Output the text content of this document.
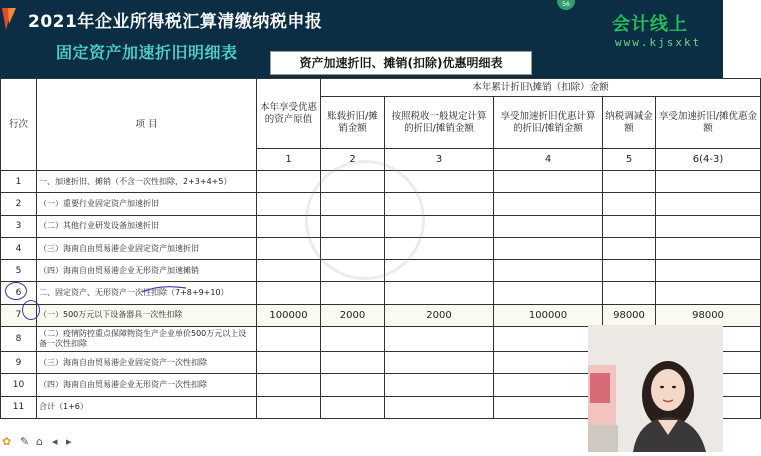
2021年企业所得税汇算清缴纳税申报
固定资产加速折旧明细表
56
会计线上
www.kjsxkt
资产加速折旧、摊销(扣除)优惠明细表
行次	项 目	本年享受优惠的资产原值	本年累计折旧\摊销（扣除）金额				
			账载折旧/摊销金额	按照税收一般规定计算的折旧/摊销金额	享受加速折旧优惠计算的折旧/摊销金额	纳税调减金额	享受加速折旧/摊优惠金额
		1	2	3	4	5	6(4-3)
1	一、加速折旧、摊销（不含一次性扣除，2+3+4+5）						
2	（一）重要行业固定资产加速折旧						
3	（二）其他行业研发设备加速折旧						
4	（三）海南自由贸易港企业固定资产加速折旧						
5	（四）海南自由贸易港企业无形资产加速摊销						
6	二、固定资产、无形资产一次性扣除（7+8+9+10）						
7	（一）500万元以下设备器具一次性扣除	100000	2000	2000	100000	98000	98000
8	（二）疫情防控重点保障物资生产企业单价500万元以上设备一次性扣除						
9	（三）海南自由贸易港企业固定资产一次性扣除						
10	（四）海南自由贸易港企业无形资产一次性扣除						
11	合计（1+6）						
✿ ✎ ⌂ ◂ ▸
